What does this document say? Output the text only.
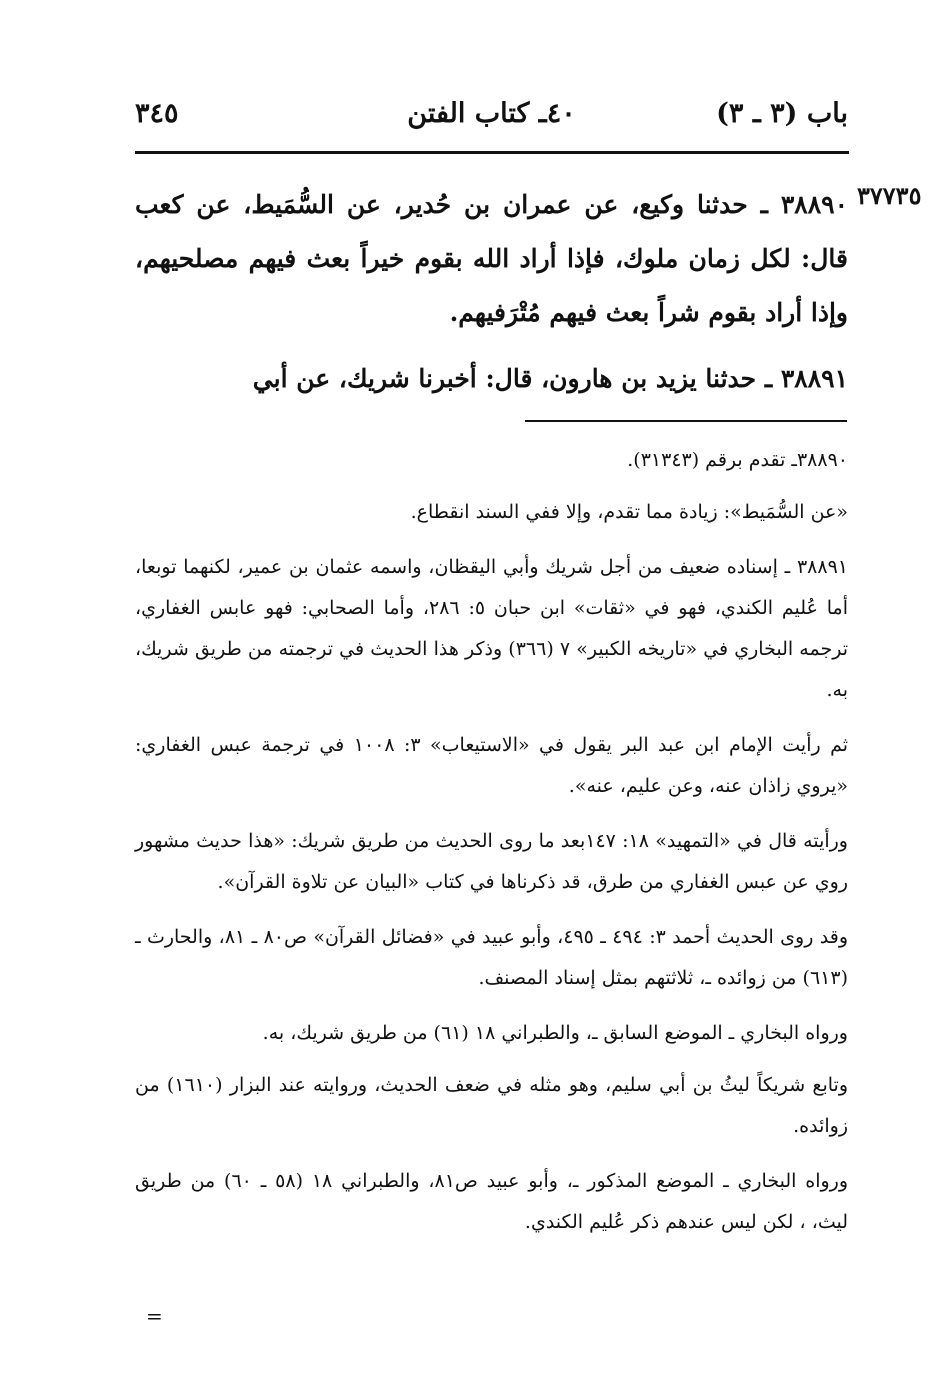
باب (٣ ـ ٣)
٤٠ـ كتاب الفتن
٣٤٥
٣٧٧٣٥

٣٨٨٩٠ ـ حدثنا وكيع، عن عمران بن حُدير، عن السُّمَيط، عن كعب قال: لكل زمان ملوك، فإذا أراد الله بقوم خيراً بعث فيهم مصلحيهم، وإذا أراد بقوم شراً بعث فيهم مُتْرَفيهم.

٣٨٨٩١ ـ حدثنا يزيد بن هارون، قال: أخبرنا شريك، عن أبي

٣٨٨٩٠ـ تقدم برقم (٣١٣٤٣).

«عن السُّمَيط»: زيادة مما تقدم، وإلا ففي السند انقطاع.

٣٨٨٩١ ـ إسناده ضعيف من أجل شريك وأبي اليقظان، واسمه عثمان بن عمير، لكنهما توبعا، أما عُليم الكندي، فهو في «ثقات» ابن حبان ٥: ٢٨٦، وأما الصحابي: فهو عابس الغفاري، ترجمه البخاري في «تاريخه الكبير» ٧ (٣٦٦) وذكر هذا الحديث في ترجمته من طريق شريك، به.

ثم رأيت الإمام ابن عبد البر يقول في «الاستيعاب» ٣: ١٠٠٨ في ترجمة عبس الغفاري: «يروي زاذان عنه، وعن عليم، عنه».

ورأيته قال في «التمهيد» ١٨: ١٤٧بعد ما روى الحديث من طريق شريك: «هذا حديث مشهور روي عن عبس الغفاري من طرق، قد ذكرناها في كتاب «البيان عن تلاوة القرآن».

وقد روى الحديث أحمد ٣: ٤٩٤ ـ ٤٩٥، وأبو عبيد في «فضائل القرآن» ص٨٠ ـ ٨١، والحارث ـ (٦١٣) من زوائده ـ، ثلاثتهم بمثل إسناد المصنف.

ورواه البخاري ـ الموضع السابق ـ، والطبراني ١٨ (٦١) من طريق شريك، به.

وتابع شريكاً ليثُ بن أبي سليم، وهو مثله في ضعف الحديث، وروايته عند البزار (١٦١٠) من زوائده.

ورواه البخاري ـ الموضع المذكور ـ، وأبو عبيد ص٨١، والطبراني ١٨ (٥٨ ـ ٦٠) من طريق ليث، ، لكن ليس عندهم ذكر عُليم الكندي.

=
